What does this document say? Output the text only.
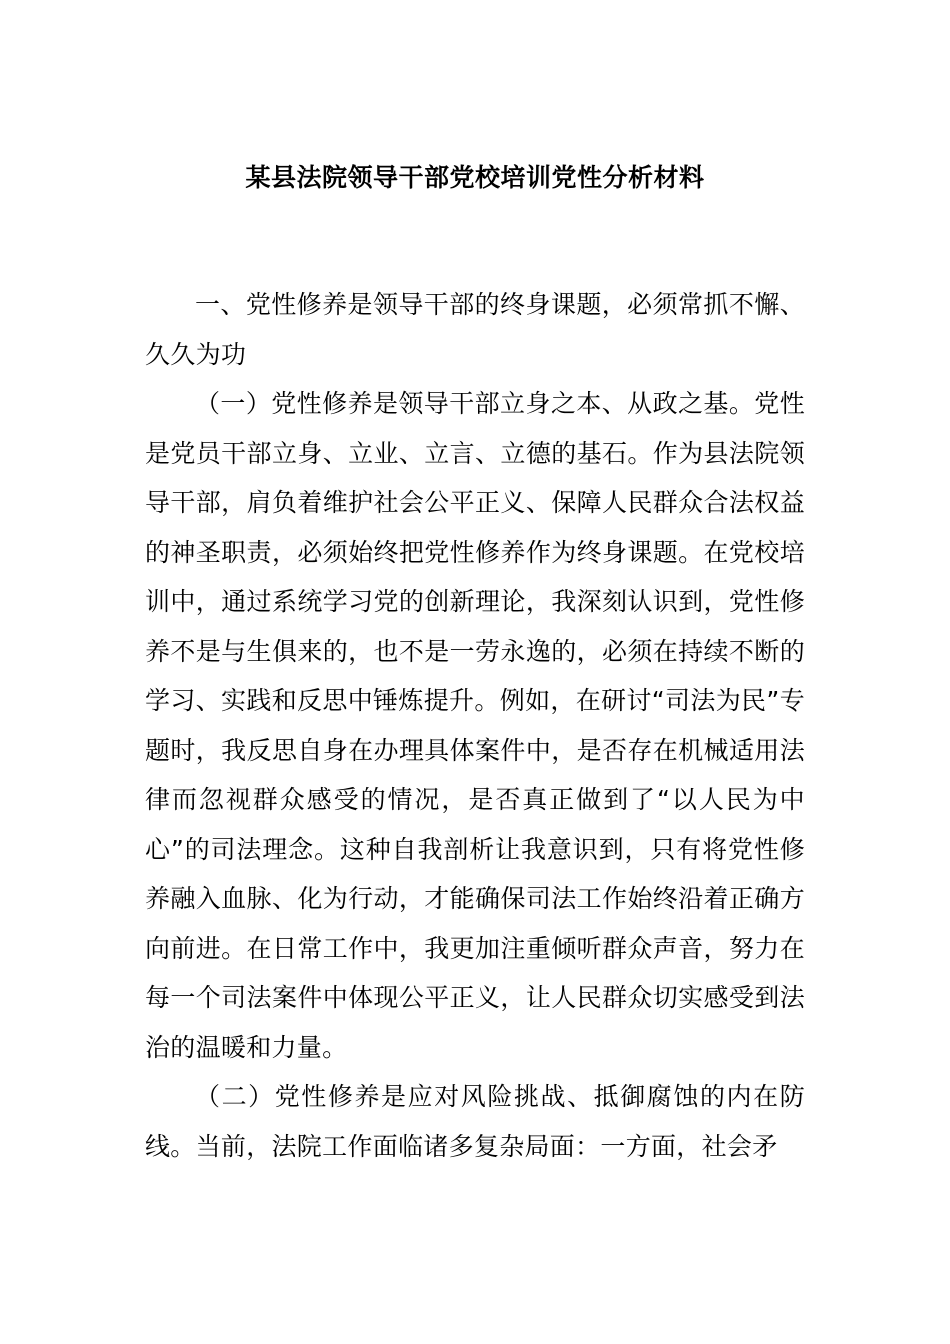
某县法院领导干部党校培训党性分析材料

一、党性修养是领导干部的终身课题，必须常抓不懈、久久为功

（一）党性修养是领导干部立身之本、从政之基。党性是党员干部立身、立业、立言、立德的基石。作为县法院领导干部，肩负着维护社会公平正义、保障人民群众合法权益的神圣职责，必须始终把党性修养作为终身课题。在党校培训中，通过系统学习党的创新理论，我深刻认识到，党性修养不是与生俱来的，也不是一劳永逸的，必须在持续不断的学习、实践和反思中锤炼提升。例如，在研讨“司法为民”专题时，我反思自身在办理具体案件中，是否存在机械适用法律而忽视群众感受的情况，是否真正做到了“以人民为中心”的司法理念。这种自我剖析让我意识到，只有将党性修养融入血脉、化为行动，才能确保司法工作始终沿着正确方向前进。在日常工作中，我更加注重倾听群众声音，努力在每一个司法案件中体现公平正义，让人民群众切实感受到法治的温暖和力量。

（二）党性修养是应对风险挑战、抵御腐蚀的内在防线。当前，法院工作面临诸多复杂局面：一方面，社会矛
